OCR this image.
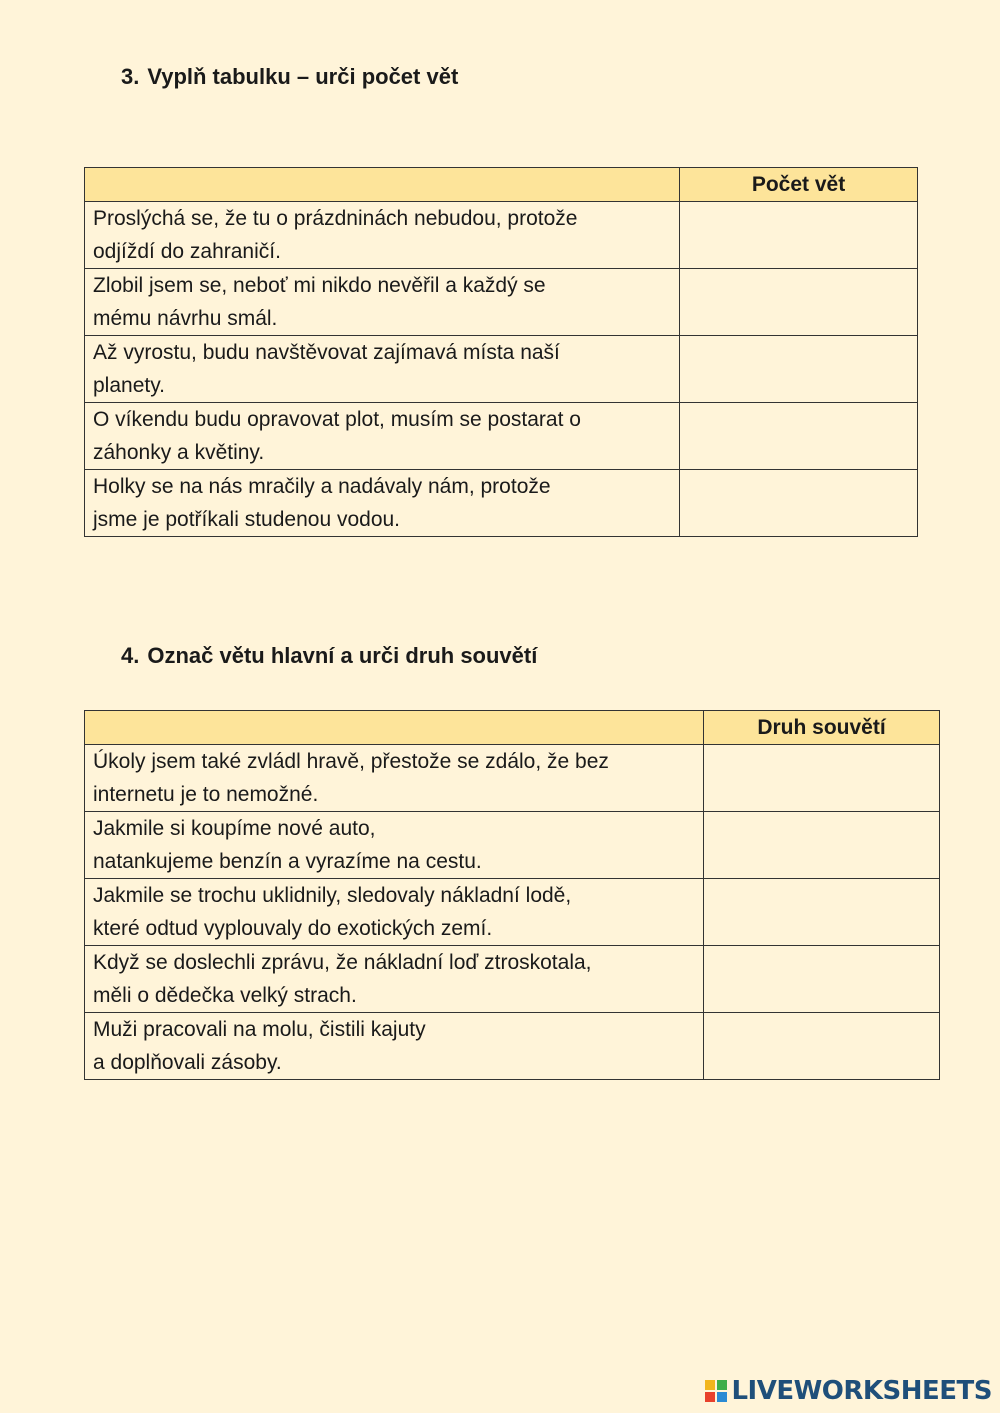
3. Vyplň tabulku – urči počet vět
	Počet vět
Proslýchá se, že tu o prázdninách nebudou, protože
odjíždí do zahraničí.	
Zlobil jsem se, neboť mi nikdo nevěřil a každý se
mému návrhu smál.	
Až vyrostu, budu navštěvovat zajímavá místa naší
planety.	
O víkendu budu opravovat plot, musím se postarat o
záhonky a květiny.	
Holky se na nás mračily a nadávaly nám, protože
jsme je potříkali studenou vodou.	
4. Označ větu hlavní a urči druh souvětí
	Druh souvětí
Úkoly jsem také zvládl hravě, přestože se zdálo, že bez
internetu je to nemožné.	
Jakmile si koupíme nové auto,
natankujeme benzín a vyrazíme na cestu.	
Jakmile se trochu uklidnily, sledovaly nákladní lodě,
které odtud vyplouvaly do exotických zemí.	
Když se doslechli zprávu, že nákladní loď ztroskotala,
měli o dědečka velký strach.	
Muži pracovali na molu, čistili kajuty
a doplňovali zásoby.	
LIVEWORKSHEETS
